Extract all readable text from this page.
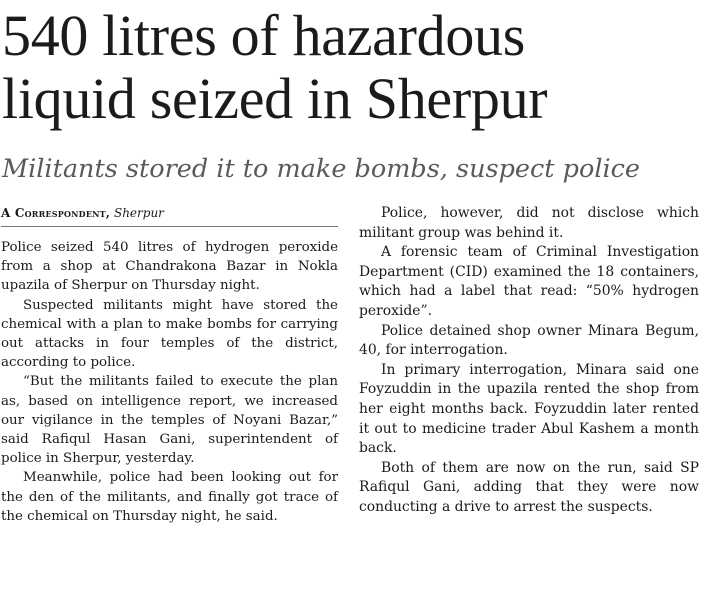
540 litres of hazardous
liquid seized in Sherpur
Militants stored it to make bombs, suspect police
A Correspondent, Sherpur

Police seized 540 litres of hydrogen peroxide from a shop at Chandrakona Bazar in Nokla upazila of Sherpur on Thursday night.

Suspected militants might have stored the chemical with a plan to make bombs for carrying out attacks in four temples of the district, according to police.

“But the militants failed to execute the plan as, based on intelligence report, we increased our vigilance in the temples of Noyani Bazar,” said Rafiqul Hasan Gani, superintendent of police in Sherpur, yesterday.

Meanwhile, police had been looking out for the den of the militants, and finally got trace of the chemical on Thursday night, he said.

Police, however, did not disclose which militant group was behind it.

A forensic team of Criminal Investigation Department (CID) examined the 18 containers, which had a label that read: “50% hydrogen peroxide”.

Police detained shop owner Minara Begum, 40, for interrogation.

In primary interrogation, Minara said one Foyzuddin in the upazila rented the shop from her eight months back. Foyzuddin later rented it out to medicine trader Abul Kashem a month back.

Both of them are now on the run, said SP Rafiqul Gani, adding that they were now conducting a drive to arrest the suspects.
